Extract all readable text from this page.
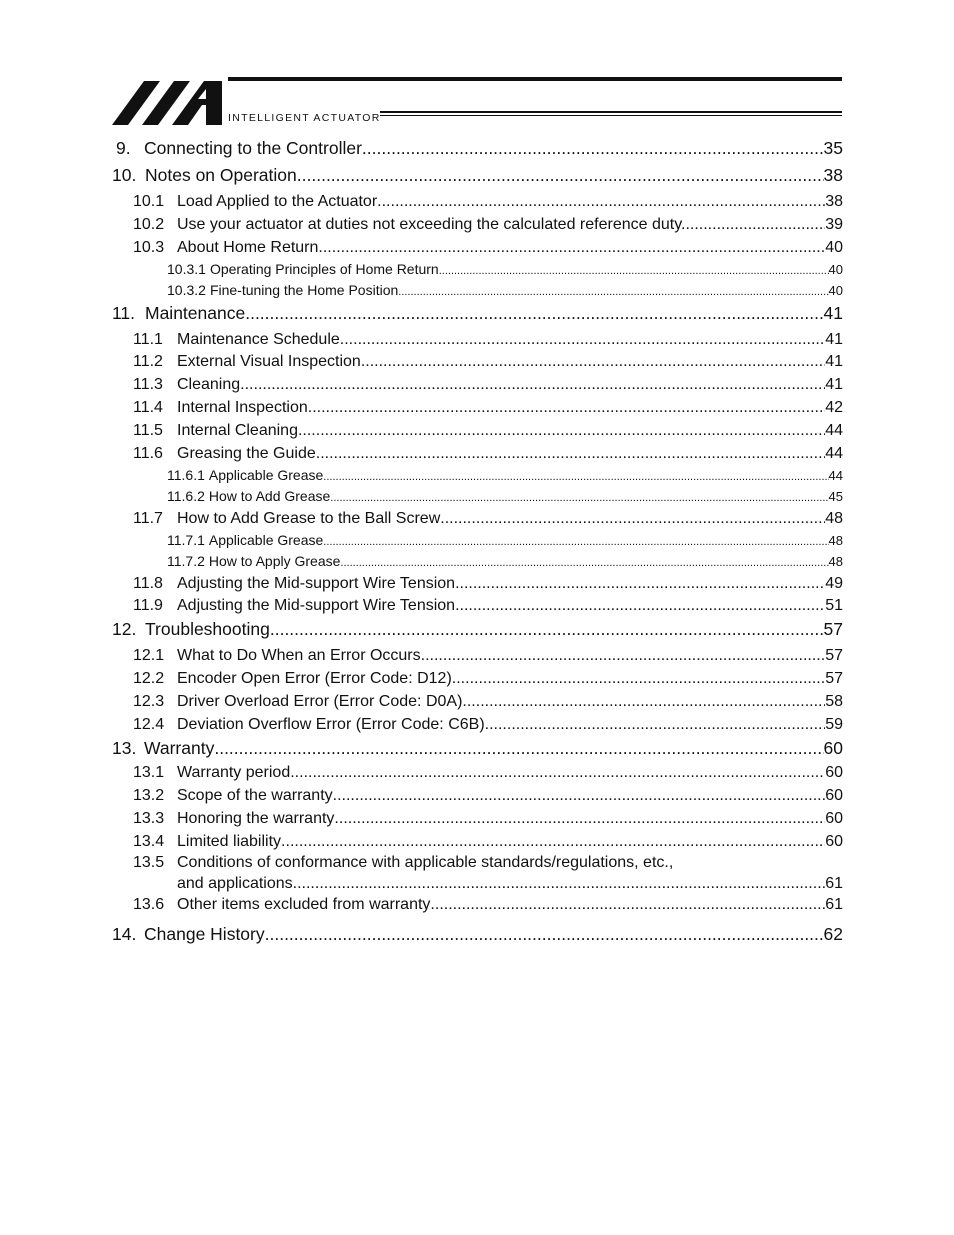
INTELLIGENT ACTUATOR
9. Connecting to the Controller .....	35
10. Notes on Operation .....	38
10.1 Load Applied to the Actuator .....	38
10.2 Use your actuator at duties not exceeding the calculated reference duty. .....	39
10.3 About Home Return .....	40
10.3.1 Operating Principles of Home Return .....	40
10.3.2 Fine-tuning the Home Position .....	40
11. Maintenance .....	41
11.1 Maintenance Schedule .....	41
11.2 External Visual Inspection .....	41
11.3 Cleaning .....	41
11.4 Internal Inspection .....	42
11.5 Internal Cleaning .....	44
11.6 Greasing the Guide .....	44
11.6.1 Applicable Grease .....	44
11.6.2 How to Add Grease .....	45
11.7 How to Add Grease to the Ball Screw .....	48
11.7.1 Applicable Grease .....	48
11.7.2 How to Apply Grease .....	48
11.8 Adjusting the Mid-support Wire Tension .....	49
11.9 Adjusting the Mid-support Wire Tension .....	51
12. Troubleshooting .....	57
12.1 What to Do When an Error Occurs .....	57
12.2 Encoder Open Error (Error Code: D12) .....	57
12.3 Driver Overload Error (Error Code: D0A) .....	58
12.4 Deviation Overflow Error (Error Code: C6B) .....	59
13. Warranty .....	60
13.1 Warranty period .....	60
13.2 Scope of the warranty .....	60
13.3 Honoring the warranty .....	60
13.4 Limited liability .....	60
13.5 Conditions of conformance with applicable standards/regulations, etc.,
and applications .....	61
13.6 Other items excluded from warranty .....	61
14. Change History .....	62
